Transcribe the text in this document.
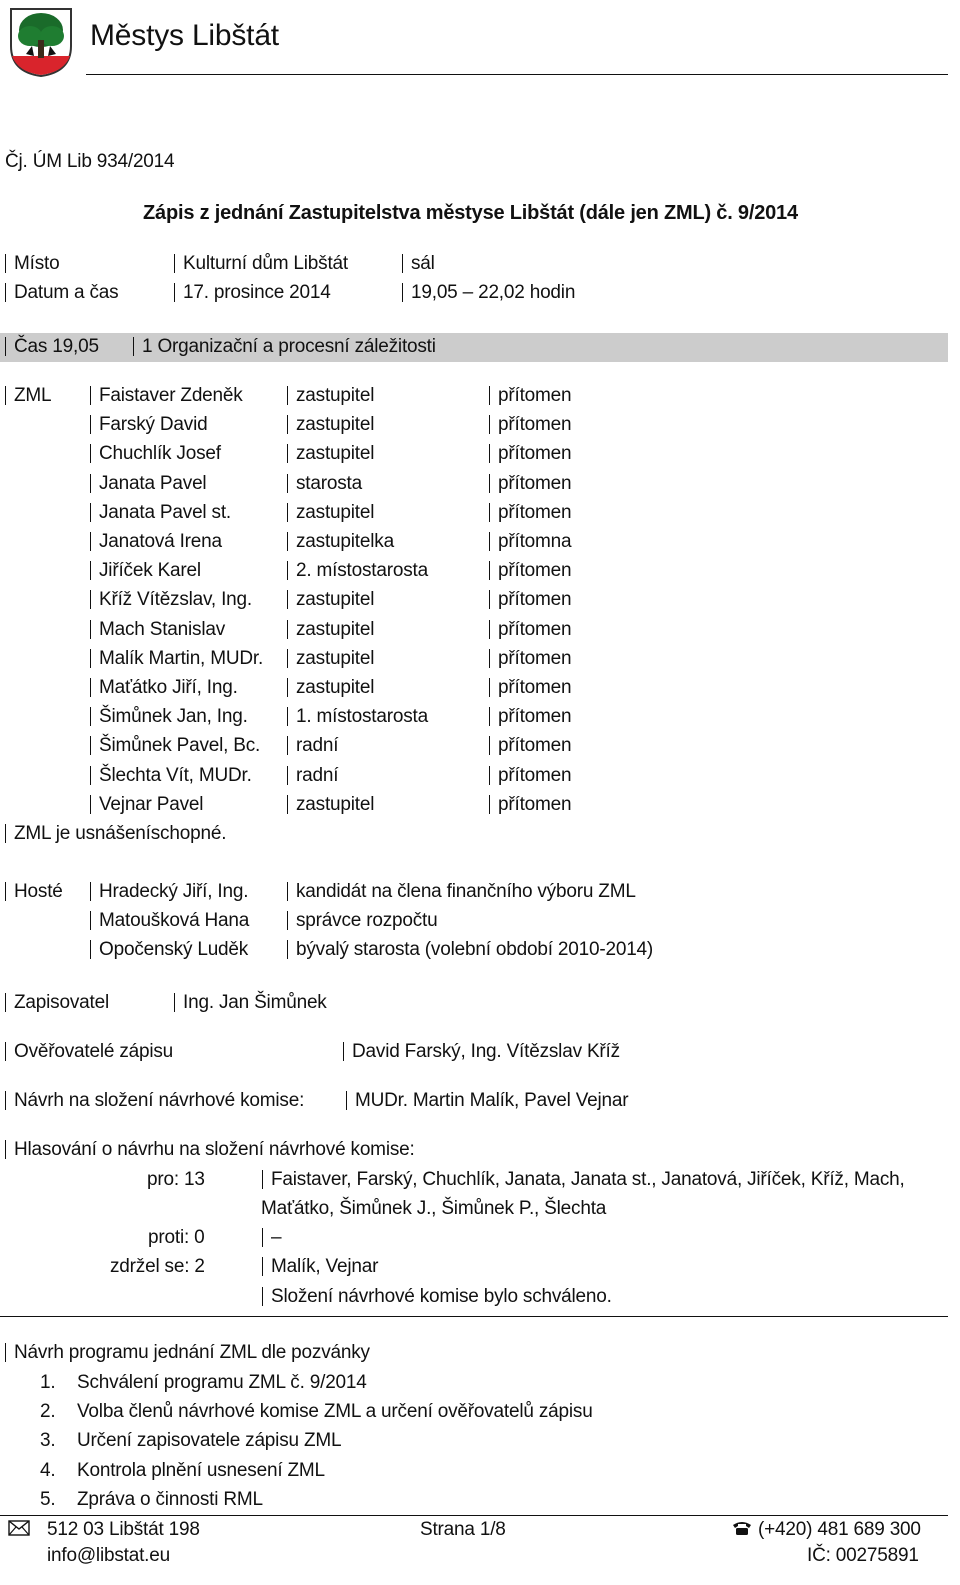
Městys Libštát
Čj. ÚM Lib 934/2014
Zápis z jednání Zastupitelstva městyse Libštát (dále jen ZML) č. 9/2014
Místo	Kulturní dům Libštát	sál
Datum a čas	17. prosince 2014	19,05 – 22,02 hodin
Čas 19,05	1 Organizační a procesní záležitosti
ZML	Faistaver Zdeněk	zastupitel	přítomen
Farský David	zastupitel	přítomen
Chuchlík Josef	zastupitel	přítomen
Janata Pavel	starosta	přítomen
Janata Pavel st.	zastupitel	přítomen
Janatová Irena	zastupitelka	přítomna
Jiříček Karel	2. místostarosta	přítomen
Kříž Vítězslav, Ing.	zastupitel	přítomen
Mach Stanislav	zastupitel	přítomen
Malík Martin, MUDr.	zastupitel	přítomen
Maťátko Jiří, Ing.	zastupitel	přítomen
Šimůnek Jan, Ing.	1. místostarosta	přítomen
Šimůnek Pavel, Bc.	radní	přítomen
Šlechta Vít, MUDr.	radní	přítomen
Vejnar Pavel	zastupitel	přítomen
ZML je usnášeníschopné.
Hosté	Hradecký Jiří, Ing.	kandidát na člena finančního výboru ZML
Matoušková Hana	správce rozpočtu
Opočenský Luděk	bývalý starosta (volební období 2010-2014)
Zapisovatel	Ing. Jan Šimůnek
Ověřovatelé zápisu	David Farský, Ing. Vítězslav Kříž
Návrh na složení návrhové komise:	MUDr. Martin Malík, Pavel Vejnar
Hlasování o návrhu na složení návrhové komise:
pro: 13	Faistaver, Farský, Chuchlík, Janata, Janata st., Janatová, Jiříček, Kříž, Mach,
Maťátko, Šimůnek J., Šimůnek P., Šlechta
proti: 0	–
zdržel se: 2	Malík, Vejnar
Složení návrhové komise bylo schváleno.
Návrh programu jednání ZML dle pozvánky
1. Schválení programu ZML č. 9/2014
2. Volba členů návrhové komise ZML a určení ověřovatelů zápisu
3. Určení zapisovatele zápisu ZML
4. Kontrola plnění usnesení ZML
5. Zpráva o činnosti RML
512 03 Libštát 198
info@libstat.eu
Strana 1/8	(+420) 481 689 300
IČ: 00275891
